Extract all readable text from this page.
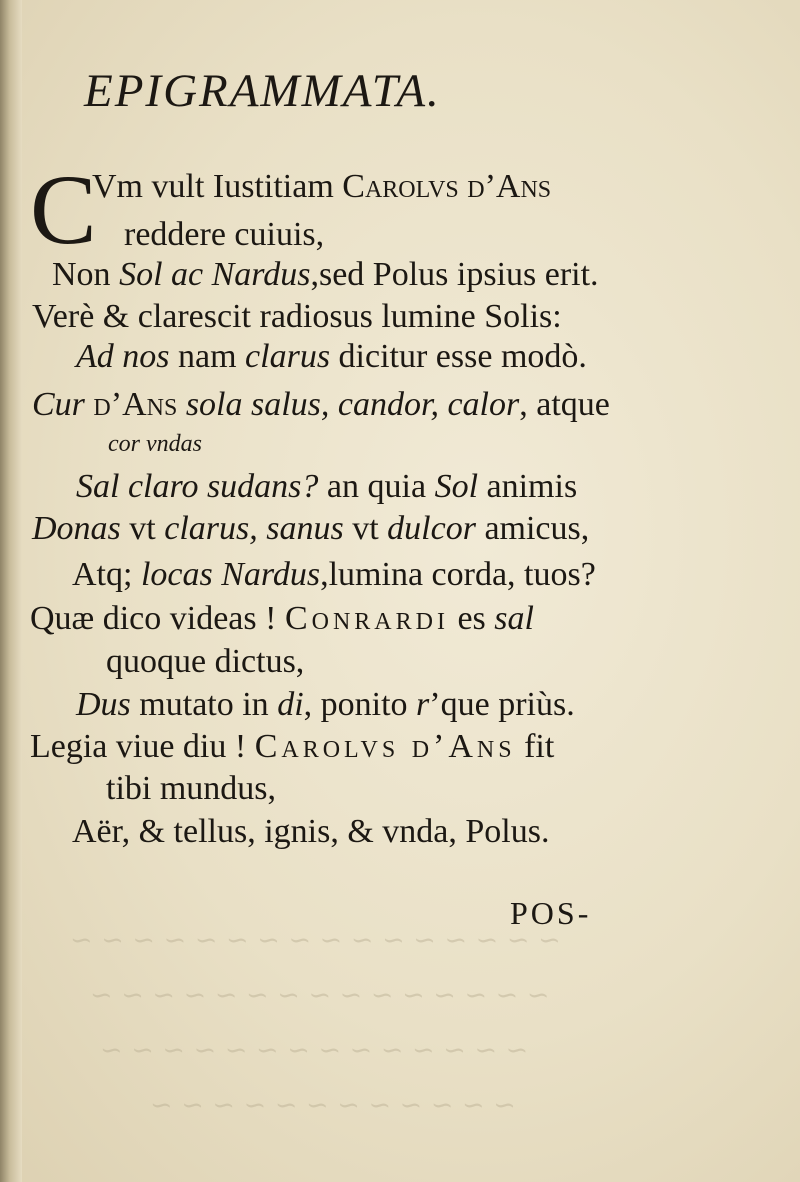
~ ~ ~ ~ ~ ~ ~ ~ ~ ~ ~ ~ ~ ~ ~ ~
~ ~ ~ ~ ~ ~ ~ ~ ~ ~ ~ ~ ~ ~ ~
~ ~ ~ ~ ~ ~ ~ ~ ~ ~ ~ ~ ~ ~
~ ~ ~ ~ ~ ~ ~ ~ ~ ~ ~ ~
EPIGRAMMATA.
C
Vm vult Iustitiam Carolvs d’Ans
reddere cuiuis,
Non Sol ac Nardus,sed Polus ipsius erit.
Verè & clarescit radiosus lumine Solis:
Ad nos nam clarus dicitur esse modò.
Cur d’Ans sola salus, candor, calor, atque
cor vndas
Sal claro sudans? an quia Sol animis
Donas vt clarus, sanus vt dulcor amicus,
Atq; locas Nardus,lumina corda, tuos?
Quæ dico videas ! Conrardi es sal
quoque dictus,
Dus mutato in di, ponito r’que priùs.
Legia viue diu ! Carolvs d’Ans fit
tibi mundus,
Aër, & tellus, ignis, & vnda, Polus.
POS-
